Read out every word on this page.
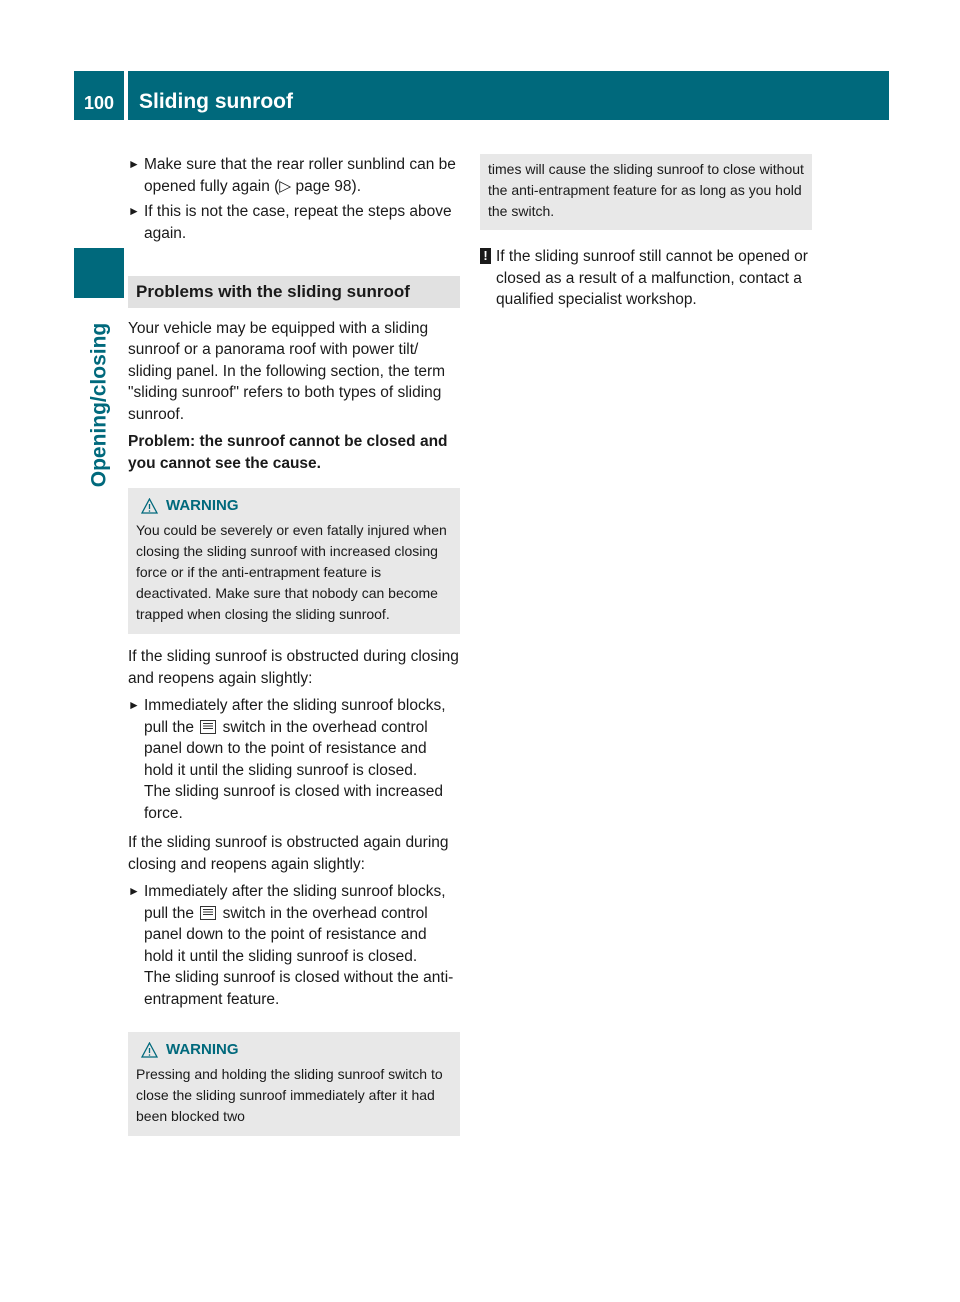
100	Sliding sunroof
Opening/closing
► Make sure that the rear roller sunblind can be opened fully again (▷ page 98).
► If this is not the case, repeat the steps above again.
Problems with the sliding sunroof

Your vehicle may be equipped with a sliding sunroof or a panorama roof with power tilt/ sliding panel. In the following section, the term "sliding sunroof" refers to both types of sliding sunroof.

Problem: the sunroof cannot be closed and you cannot see the cause.

WARNING
You could be severely or even fatally injured when closing the sliding sunroof with increased closing force or if the anti-entrapment feature is deactivated. Make sure that nobody can become trapped when closing the sliding sunroof.

If the sliding sunroof is obstructed during closing and reopens again slightly:

► Immediately after the sliding sunroof blocks, pull the switch in the overhead control panel down to the point of resistance and hold it until the sliding sunroof is closed.
The sliding sunroof is closed with increased force.

If the sliding sunroof is obstructed again during closing and reopens again slightly:

► Immediately after the sliding sunroof blocks, pull the switch in the overhead control panel down to the point of resistance and hold it until the sliding sunroof is closed.
The sliding sunroof is closed without the anti-entrapment feature.
WARNING
Pressing and holding the sliding sunroof switch to close the sliding sunroof immediately after it had been blocked two
times will cause the sliding sunroof to close without the anti-entrapment feature for as long as you hold the switch.
! If the sliding sunroof still cannot be opened or closed as a result of a malfunction, contact a qualified specialist workshop.
